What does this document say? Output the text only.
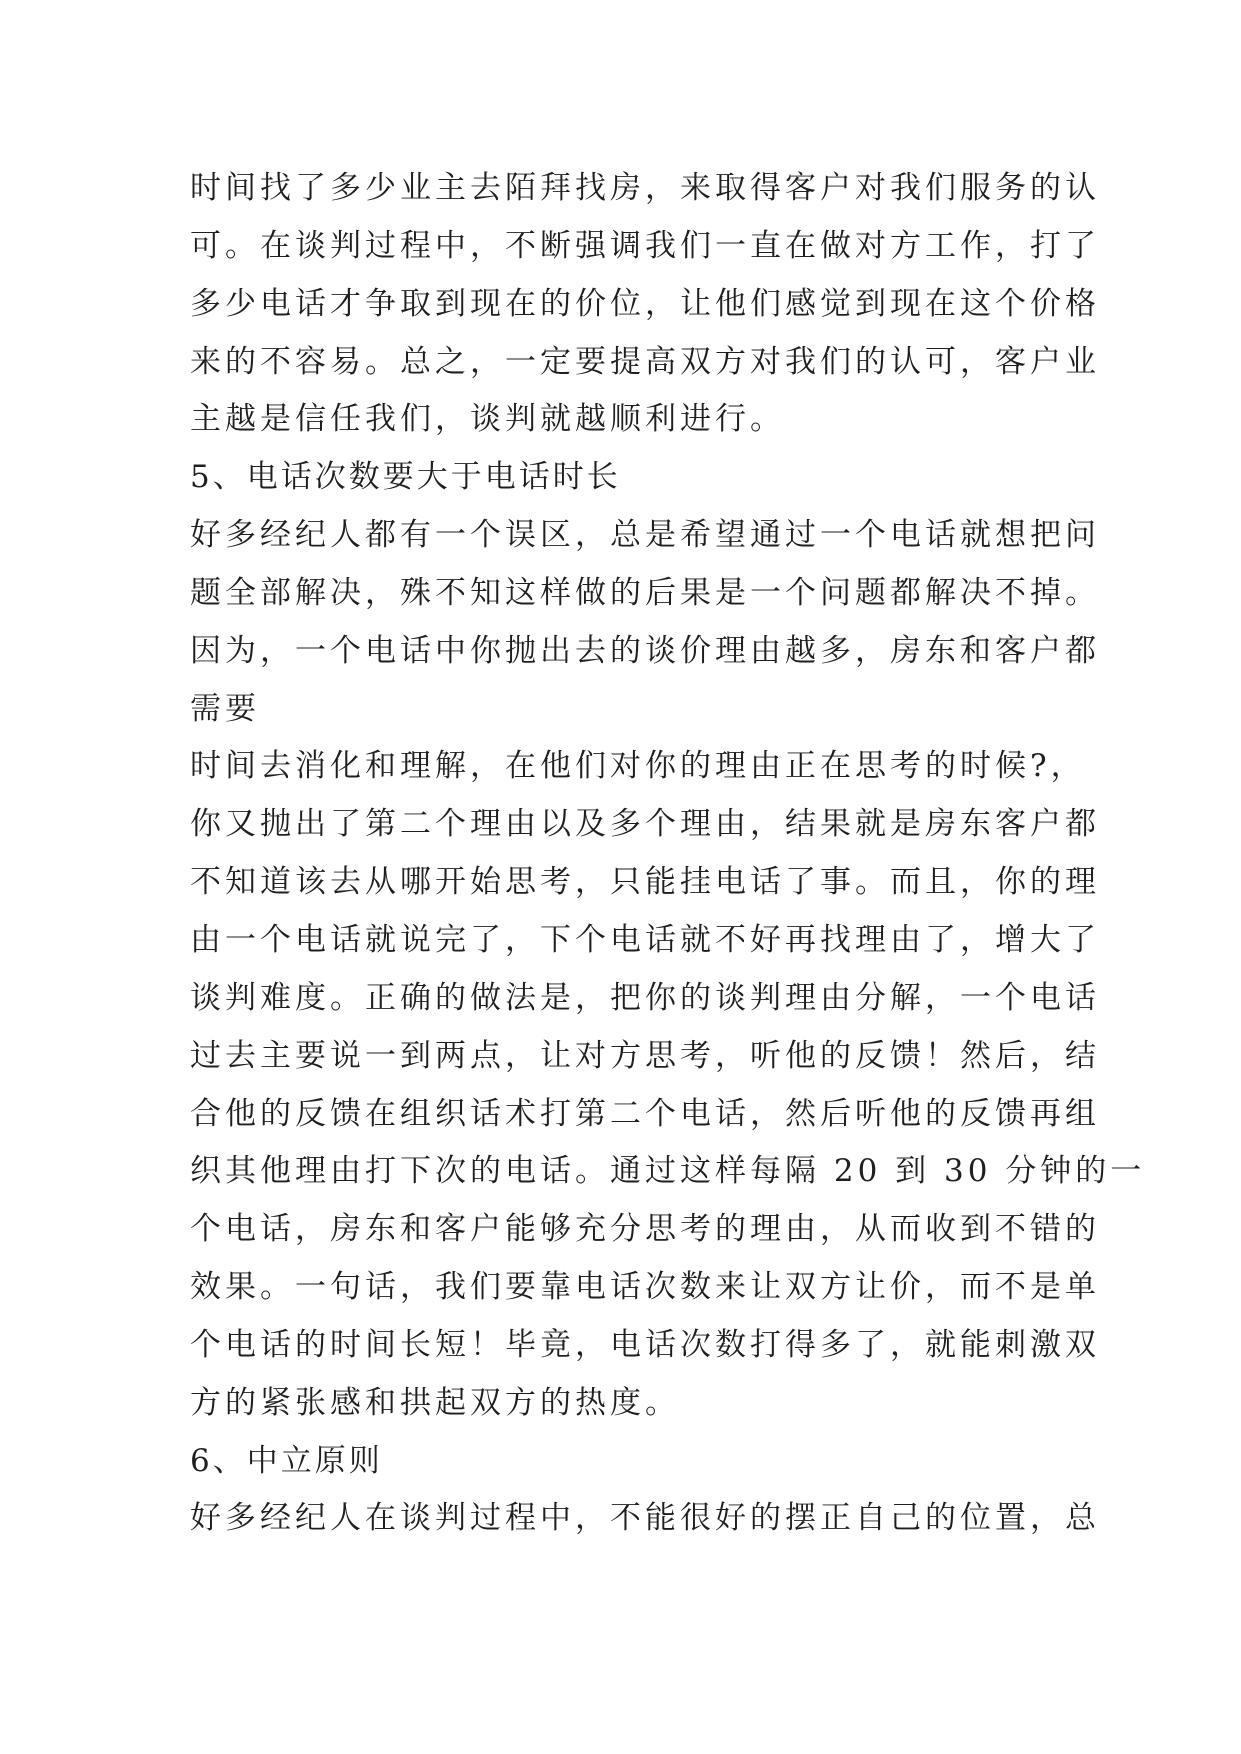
时间找了多少业主去陌拜找房，来取得客户对我们服务的认
可。在谈判过程中，不断强调我们一直在做对方工作，打了
多少电话才争取到现在的价位，让他们感觉到现在这个价格
来的不容易。总之，一定要提高双方对我们的认可，客户业
主越是信任我们，谈判就越顺利进行。
5、电话次数要大于电话时长
好多经纪人都有一个误区，总是希望通过一个电话就想把问
题全部解决，殊不知这样做的后果是一个问题都解决不掉。
因为，一个电话中你抛出去的谈价理由越多，房东和客户都
需要
时间去消化和理解，在他们对你的理由正在思考的时候?，
你又抛出了第二个理由以及多个理由，结果就是房东客户都
不知道该去从哪开始思考，只能挂电话了事。而且，你的理
由一个电话就说完了，下个电话就不好再找理由了，增大了
谈判难度。正确的做法是，把你的谈判理由分解，一个电话
过去主要说一到两点，让对方思考，听他的反馈！然后，结
合他的反馈在组织话术打第二个电话，然后听他的反馈再组
织其他理由打下次的电话。通过这样每隔 20 到 30 分钟的一
个电话，房东和客户能够充分思考的理由，从而收到不错的
效果。一句话，我们要靠电话次数来让双方让价，而不是单
个电话的时间长短！毕竟，电话次数打得多了，就能刺激双
方的紧张感和拱起双方的热度。
6、中立原则
好多经纪人在谈判过程中，不能很好的摆正自己的位置，总
